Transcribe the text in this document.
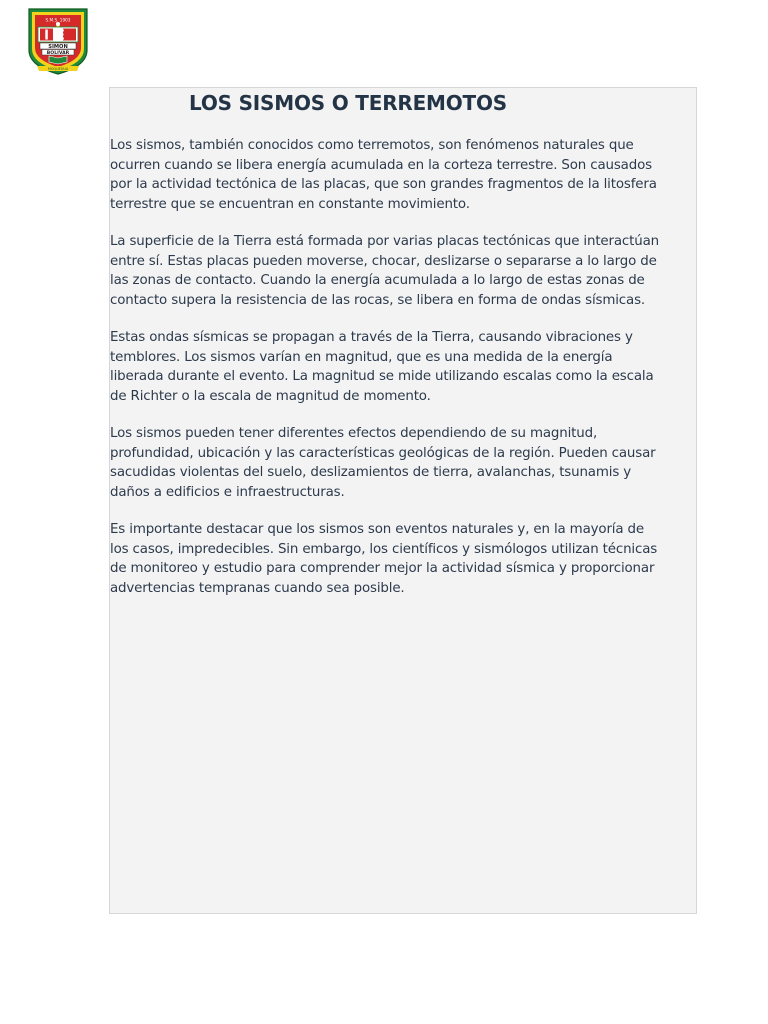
S.M.S. 1903
IE
SIMON
BOLIVAR
MOQUEGUA
LOS SISMOS O TERREMOTOS

Los sismos, también conocidos como terremotos, son fenómenos naturales que ocurren cuando se libera energía acumulada en la corteza terrestre. Son causados por la actividad tectónica de las placas, que son grandes fragmentos de la litosfera terrestre que se encuentran en constante movimiento.

La superficie de la Tierra está formada por varias placas tectónicas que interactúan entre sí. Estas placas pueden moverse, chocar, deslizarse o separarse a lo largo de las zonas de contacto. Cuando la energía acumulada a lo largo de estas zonas de contacto supera la resistencia de las rocas, se libera en forma de ondas sísmicas.

Estas ondas sísmicas se propagan a través de la Tierra, causando vibraciones y temblores. Los sismos varían en magnitud, que es una medida de la energía liberada durante el evento. La magnitud se mide utilizando escalas como la escala de Richter o la escala de magnitud de momento.

Los sismos pueden tener diferentes efectos dependiendo de su magnitud, profundidad, ubicación y las características geológicas de la región. Pueden causar sacudidas violentas del suelo, deslizamientos de tierra, avalanchas, tsunamis y daños a edificios e infraestructuras.

Es importante destacar que los sismos son eventos naturales y, en la mayoría de los casos, impredecibles. Sin embargo, los científicos y sismólogos utilizan técnicas de monitoreo y estudio para comprender mejor la actividad sísmica y proporcionar advertencias tempranas cuando sea posible.
